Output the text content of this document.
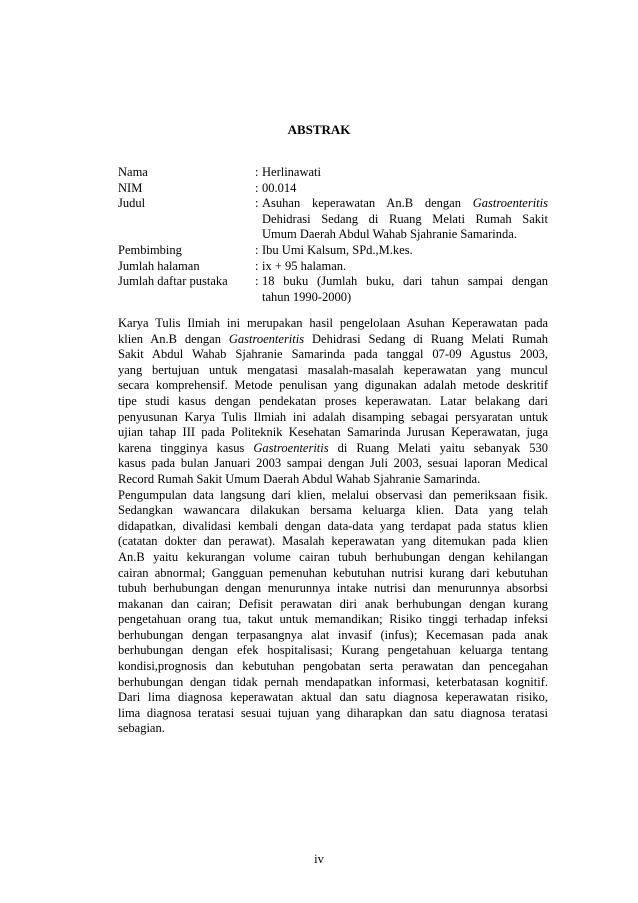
ABSTRAK
Nama	: Herlinawati
NIM	: 00.014
Judul	: Asuhan keperawatan An.B dengan Gastroenteritis
Dehidrasi Sedang di Ruang Melati Rumah Sakit
Umum Daerah Abdul Wahab Sjahranie Samarinda.
Pembimbing	: Ibu Umi Kalsum, SPd.,M.kes.
Jumlah halaman	: ix + 95 halaman.
Jumlah daftar pustaka	: 18 buku (Jumlah buku, dari tahun sampai dengan
tahun 1990-2000)
Karya Tulis Ilmiah ini merupakan hasil pengelolaan Asuhan Keperawatan pada
klien An.B dengan Gastroenteritis Dehidrasi Sedang di Ruang Melati Rumah
Sakit Abdul Wahab Sjahranie Samarinda pada tanggal 07-09 Agustus 2003,
yang bertujuan untuk mengatasi masalah-masalah keperawatan yang muncul
secara komprehensif. Metode penulisan yang digunakan adalah metode deskritif
tipe studi kasus dengan pendekatan proses keperawatan. Latar belakang dari
penyusunan Karya Tulis Ilmiah ini adalah disamping sebagai persyaratan untuk
ujian tahap III pada Politeknik Kesehatan Samarinda Jurusan Keperawatan, juga
karena tingginya kasus Gastroenteritis di Ruang Melati yaitu sebanyak 530
kasus pada bulan Januari 2003 sampai dengan Juli 2003, sesuai laporan Medical
Record Rumah Sakit Umum Daerah Abdul Wahab Sjahranie Samarinda.
Pengumpulan data langsung dari klien, melalui observasi dan pemeriksaan fisik.
Sedangkan wawancara dilakukan bersama keluarga klien. Data yang telah
didapatkan, divalidasi kembali dengan data-data yang terdapat pada status klien
(catatan dokter dan perawat). Masalah keperawatan yang ditemukan pada klien
An.B yaitu kekurangan volume cairan tubuh berhubungan dengan kehilangan
cairan abnormal; Gangguan pemenuhan kebutuhan nutrisi kurang dari kebutuhan
tubuh berhubungan dengan menurunnya intake nutrisi dan menurunnya absorbsi
makanan dan cairan; Defisit perawatan diri anak berhubungan dengan kurang
pengetahuan orang tua, takut untuk memandikan; Risiko tinggi terhadap infeksi
berhubungan dengan terpasangnya alat invasif (infus); Kecemasan pada anak
berhubungan dengan efek hospitalisasi; Kurang pengetahuan keluarga tentang
kondisi,prognosis dan kebutuhan pengobatan serta perawatan dan pencegahan
berhubungan dengan tidak pernah mendapatkan informasi, keterbatasan kognitif.
Dari lima diagnosa keperawatan aktual dan satu diagnosa keperawatan risiko,
lima diagnosa teratasi sesuai tujuan yang diharapkan dan satu diagnosa teratasi
sebagian.
iv
